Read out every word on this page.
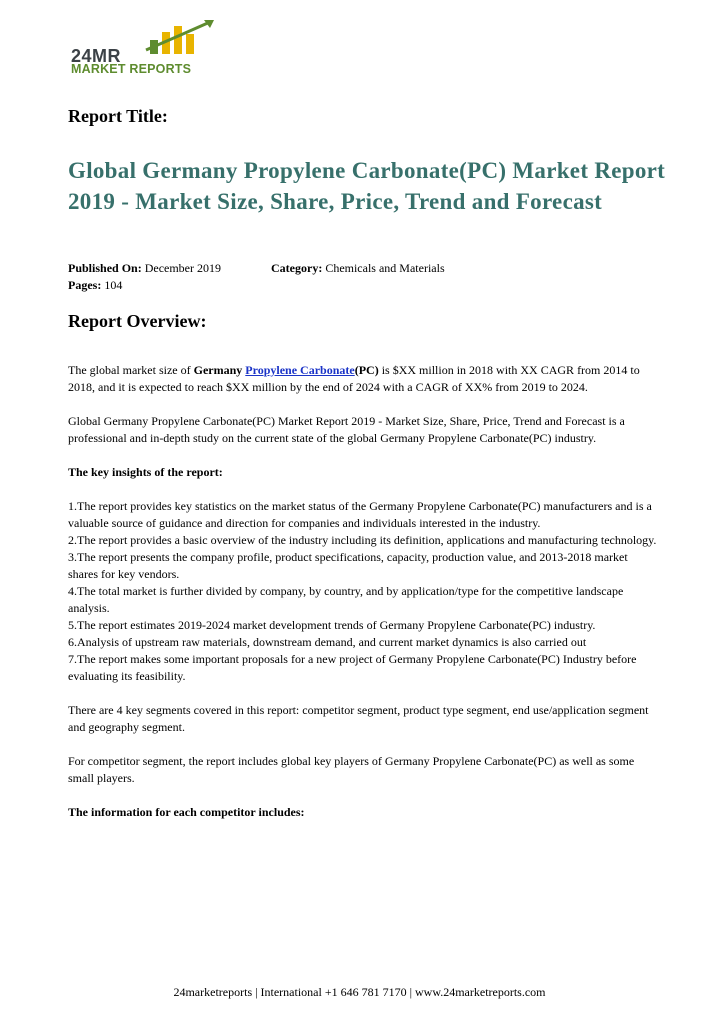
24MR
MARKET REPORTS
Report Title:
Global Germany Propylene Carbonate(PC) Market Report 2019 - Market Size, Share, Price, Trend and Forecast
Published On: December 2019	Category: Chemicals and Materials
Pages: 104
Report Overview:

The global market size of Germany Propylene Carbonate(PC) is $XX million in 2018 with XX CAGR from 2014 to 2018, and it is expected to reach $XX million by the end of 2024 with a CAGR of XX% from 2019 to 2024.

Global Germany Propylene Carbonate(PC) Market Report 2019 - Market Size, Share, Price, Trend and Forecast is a professional and in-depth study on the current state of the global Germany Propylene Carbonate(PC) industry.

The key insights of the report:

1.The report provides key statistics on the market status of the Germany Propylene Carbonate(PC) manufacturers and is a valuable source of guidance and direction for companies and individuals interested in the industry.
2.The report provides a basic overview of the industry including its definition, applications and manufacturing technology.
3.The report presents the company profile, product specifications, capacity, production value, and 2013-2018 market shares for key vendors.
4.The total market is further divided by company, by country, and by application/type for the competitive landscape analysis.
5.The report estimates 2019-2024 market development trends of Germany Propylene Carbonate(PC) industry.
6.Analysis of upstream raw materials, downstream demand, and current market dynamics is also carried out

7.The report makes some important proposals for a new project of Germany Propylene Carbonate(PC) Industry before evaluating its feasibility.

There are 4 key segments covered in this report: competitor segment, product type segment, end use/application segment and geography segment.

For competitor segment, the report includes global key players of Germany Propylene Carbonate(PC) as well as some small players.

The information for each competitor includes:

24marketreports | International +1 646 781 7170 | www.24marketreports.com
